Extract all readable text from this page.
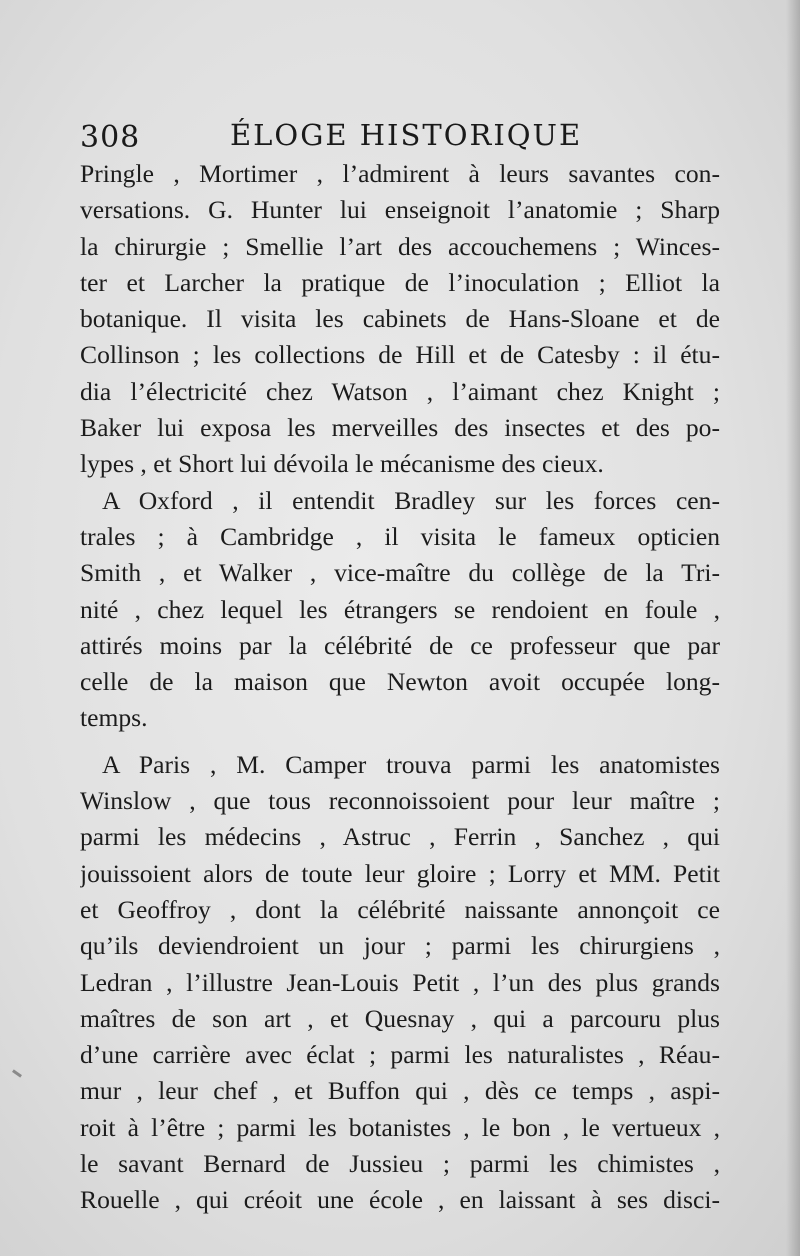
308	ÉLOGE HISTORIQUE
Pringle , Mortimer , l’admirent à leurs savantes con-
versations. G. Hunter lui enseignoit l’anatomie ; Sharp
la chirurgie ; Smellie l’art des accouchemens ; Winces-
ter et Larcher la pratique de l’inoculation ; Elliot la
botanique. Il visita les cabinets de Hans-Sloane et de
Collinson ; les collections de Hill et de Catesby : il étu-
dia l’électricité chez Watson , l’aimant chez Knight ;
Baker lui exposa les merveilles des insectes et des po-
lypes , et Short lui dévoila le mécanisme des cieux.
A Oxford , il entendit Bradley sur les forces cen-
trales ; à Cambridge , il visita le fameux opticien
Smith , et Walker , vice-maître du collège de la Tri-
nité , chez lequel les étrangers se rendoient en foule ,
attirés moins par la célébrité de ce professeur que par
celle de la maison que Newton avoit occupée long-
temps.
A Paris , M. Camper trouva parmi les anatomistes
Winslow , que tous reconnoissoient pour leur maître ;
parmi les médecins , Astruc , Ferrin , Sanchez , qui
jouissoient alors de toute leur gloire ; Lorry et MM. Petit
et Geoffroy , dont la célébrité naissante annonçoit ce
qu’ils deviendroient un jour ; parmi les chirurgiens ,
Ledran , l’illustre Jean-Louis Petit , l’un des plus grands
maîtres de son art , et Quesnay , qui a parcouru plus
d’une carrière avec éclat ; parmi les naturalistes , Réau-
mur , leur chef , et Buffon qui , dès ce temps , aspi-
roit à l’être ; parmi les botanistes , le bon , le vertueux ,
le savant Bernard de Jussieu ; parmi les chimistes ,
Rouelle , qui créoit une école , en laissant à ses disci-
